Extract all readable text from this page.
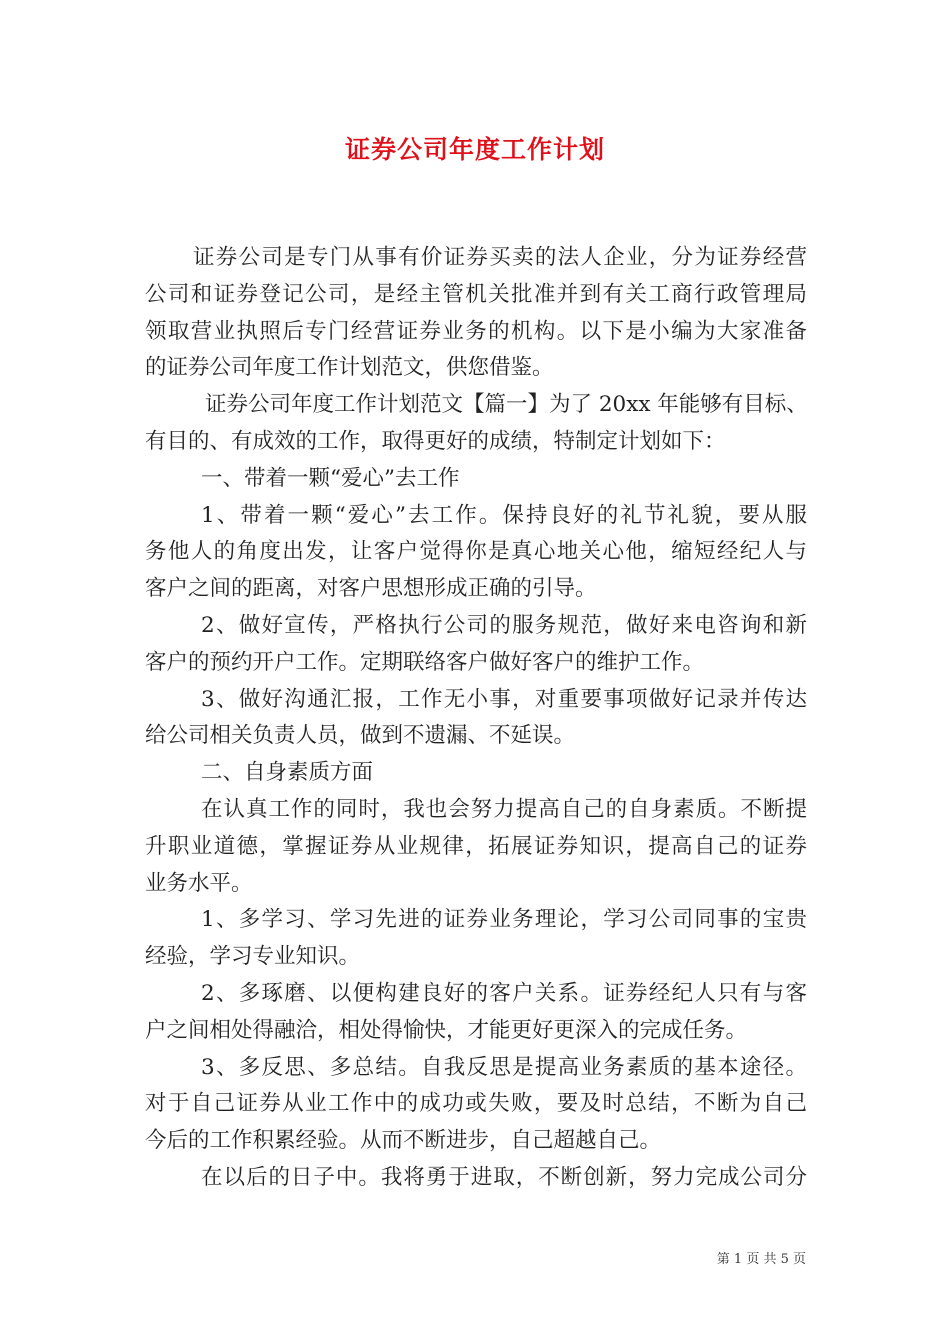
证券公司年度工作计划
证券公司是专门从事有价证券买卖的法人企业，分为证券经营
公司和证券登记公司，是经主管机关批准并到有关工商行政管理局
领取营业执照后专门经营证券业务的机构。以下是小编为大家准备
的证券公司年度工作计划范文，供您借鉴。
证券公司年度工作计划范文【篇一】为了 20xx 年能够有目标、
有目的、有成效的工作，取得更好的成绩，特制定计划如下：
一、带着一颗“爱心”去工作
1、带着一颗“爱心”去工作。保持良好的礼节礼貌，要从服
务他人的角度出发，让客户觉得你是真心地关心他，缩短经纪人与
客户之间的距离，对客户思想形成正确的引导。
2、做好宣传，严格执行公司的服务规范，做好来电咨询和新
客户的预约开户工作。定期联络客户做好客户的维护工作。
3、做好沟通汇报，工作无小事，对重要事项做好记录并传达
给公司相关负责人员，做到不遗漏、不延误。
二、自身素质方面
在认真工作的同时，我也会努力提高自己的自身素质。不断提
升职业道德，掌握证券从业规律，拓展证券知识，提高自己的证券
业务水平。
1、多学习、学习先进的证券业务理论，学习公司同事的宝贵
经验，学习专业知识。
2、多琢磨、以便构建良好的客户关系。证券经纪人只有与客
户之间相处得融洽，相处得愉快，才能更好更深入的完成任务。
3、多反思、多总结。自我反思是提高业务素质的基本途径。
对于自己证券从业工作中的成功或失败，要及时总结，不断为自己
今后的工作积累经验。从而不断进步，自己超越自己。
在以后的日子中。我将勇于进取，不断创新，努力完成公司分
第 1 页 共 5 页
